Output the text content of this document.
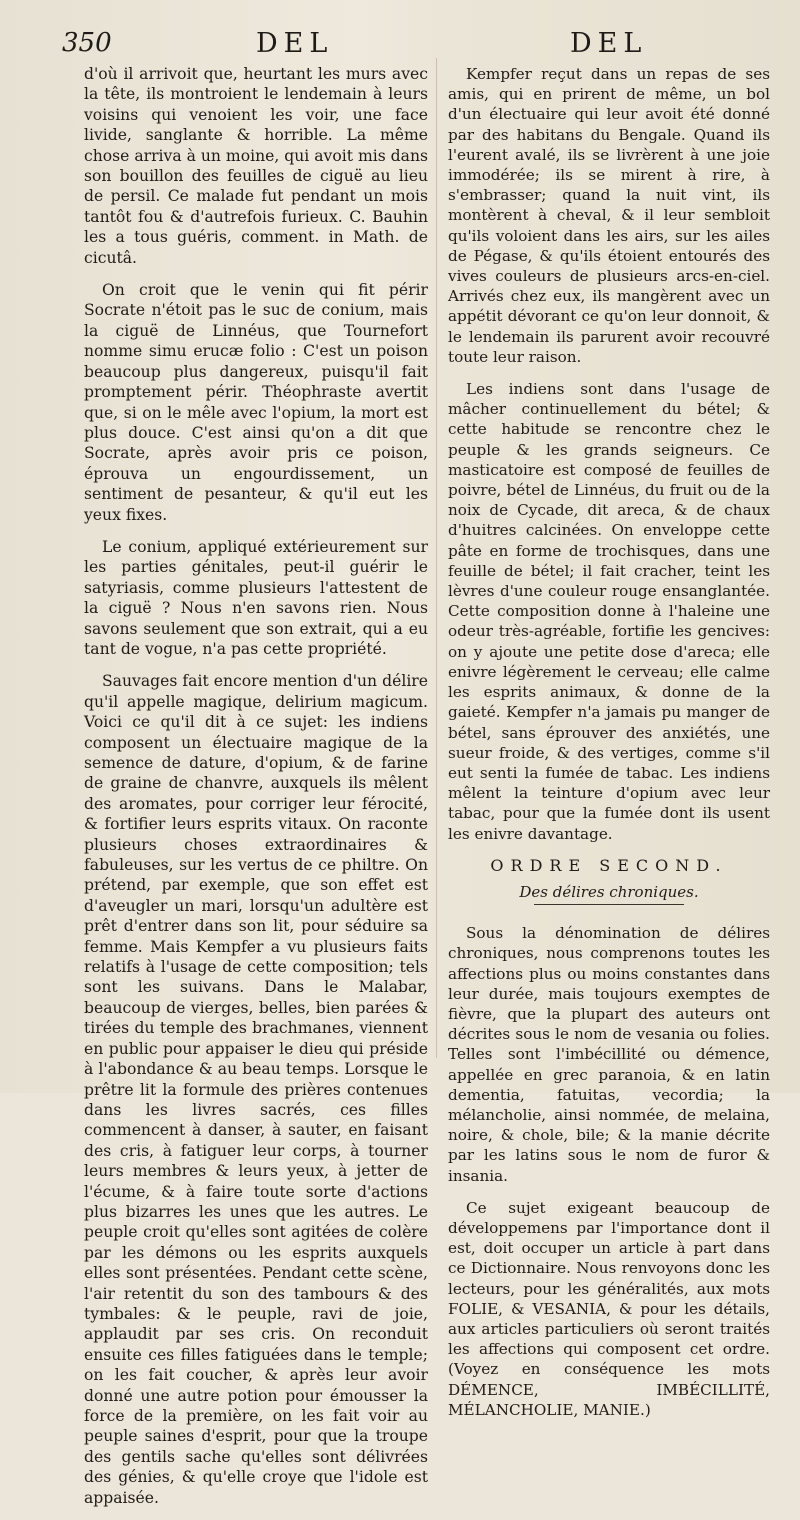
350	DEL	DEL

d'où il arrivoit que, heurtant les murs avec la tête, ils montroient le lendemain à leurs voisins qui venoient les voir, une face livide, sanglante & horrible. La même chose arriva à un moine, qui avoit mis dans son bouillon des feuilles de ciguë au lieu de persil. Ce malade fut pendant un mois tantôt fou & d'autrefois furieux. C. Bauhin les a tous guéris, comment. in Math. de cicutâ.

On croit que le venin qui fit périr Socrate n'étoit pas le suc de conium, mais la ciguë de Linnéus, que Tournefort nomme simu erucæ folio : C'est un poison beaucoup plus dangereux, puisqu'il fait promptement périr. Théophraste avertit que, si on le mêle avec l'opium, la mort est plus douce. C'est ainsi qu'on a dit que Socrate, après avoir pris ce poison, éprouva un engourdissement, un sentiment de pesanteur, & qu'il eut les yeux fixes.

Le conium, appliqué extérieurement sur les parties génitales, peut-il guérir le satyriasis, comme plusieurs l'attestent de la ciguë ? Nous n'en savons rien. Nous savons seulement que son extrait, qui a eu tant de vogue, n'a pas cette propriété.

Sauvages fait encore mention d'un délire qu'il appelle magique, delirium magicum. Voici ce qu'il dit à ce sujet: les indiens composent un électuaire magique de la semence de dature, d'opium, & de farine de graine de chanvre, auxquels ils mêlent des aromates, pour corriger leur férocité, & fortifier leurs esprits vitaux. On raconte plusieurs choses extraordinaires & fabuleuses, sur les vertus de ce philtre. On prétend, par exemple, que son effet est d'aveugler un mari, lorsqu'un adultère est prêt d'entrer dans son lit, pour séduire sa femme. Mais Kempfer a vu plusieurs faits relatifs à l'usage de cette composition; tels sont les suivans. Dans le Malabar, beaucoup de vierges, belles, bien parées & tirées du temple des brachmanes, viennent en public pour appaiser le dieu qui préside à l'abondance & au beau temps. Lorsque le prêtre lit la formule des prières contenues dans les livres sacrés, ces filles commencent à danser, à sauter, en faisant des cris, à fatiguer leur corps, à tourner leurs membres & leurs yeux, à jetter de l'écume, & à faire toute sorte d'actions plus bizarres les unes que les autres. Le peuple croit qu'elles sont agitées de colère par les démons ou les esprits auxquels elles sont présentées. Pendant cette scène, l'air retentit du son des tambours & des tymbales: & le peuple, ravi de joie, applaudit par ses cris. On reconduit ensuite ces filles fatiguées dans le temple; on les fait coucher, & après leur avoir donné une autre potion pour émousser la force de la première, on les fait voir au peuple saines d'esprit, pour que la troupe des gentils sache qu'elles sont délivrées des génies, & qu'elle croye que l'idole est appaisée.

Kempfer reçut dans un repas de ses amis, qui en prirent de même, un bol d'un électuaire qui leur avoit été donné par des habitans du Bengale. Quand ils l'eurent avalé, ils se livrèrent à une joie immodérée; ils se mirent à rire, à s'embrasser; quand la nuit vint, ils montèrent à cheval, & il leur sembloit qu'ils voloient dans les airs, sur les ailes de Pégase, & qu'ils étoient entourés des vives couleurs de plusieurs arcs-en-ciel. Arrivés chez eux, ils mangèrent avec un appétit dévorant ce qu'on leur donnoit, & le lendemain ils parurent avoir recouvré toute leur raison.

Les indiens sont dans l'usage de mâcher continuellement du bétel; & cette habitude se rencontre chez le peuple & les grands seigneurs. Ce masticatoire est composé de feuilles de poivre, bétel de Linnéus, du fruit ou de la noix de Cycade, dit areca, & de chaux d'huitres calcinées. On enveloppe cette pâte en forme de trochisques, dans une feuille de bétel; il fait cracher, teint les lèvres d'une couleur rouge ensanglantée. Cette composition donne à l'haleine une odeur très-agréable, fortifie les gencives: on y ajoute une petite dose d'areca; elle enivre légèrement le cerveau; elle calme les esprits animaux, & donne de la gaieté. Kempfer n'a jamais pu manger de bétel, sans éprouver des anxiétés, une sueur froide, & des vertiges, comme s'il eut senti la fumée de tabac. Les indiens mêlent la teinture d'opium avec leur tabac, pour que la fumée dont ils usent les enivre davantage.

ORDRE SECOND.
Des délires chroniques.

Sous la dénomination de délires chroniques, nous comprenons toutes les affections plus ou moins constantes dans leur durée, mais toujours exemptes de fièvre, que la plupart des auteurs ont décrites sous le nom de vesania ou folies. Telles sont l'imbécillité ou démence, appellée en grec paranoia, & en latin dementia, fatuitas, vecordia; la mélancholie, ainsi nommée, de melaina, noire, & chole, bile; & la manie décrite par les latins sous le nom de furor & insania.

Ce sujet exigeant beaucoup de développemens par l'importance dont il est, doit occuper un article à part dans ce Dictionnaire. Nous renvoyons donc les lecteurs, pour les généralités, aux mots FOLIE, & VESANIA, & pour les détails, aux articles particuliers où seront traités les affections qui composent cet ordre. (Voyez en conséquence les mots DÉMENCE, IMBÉCILLITÉ, MÉLANCHOLIE, MANIE.)
